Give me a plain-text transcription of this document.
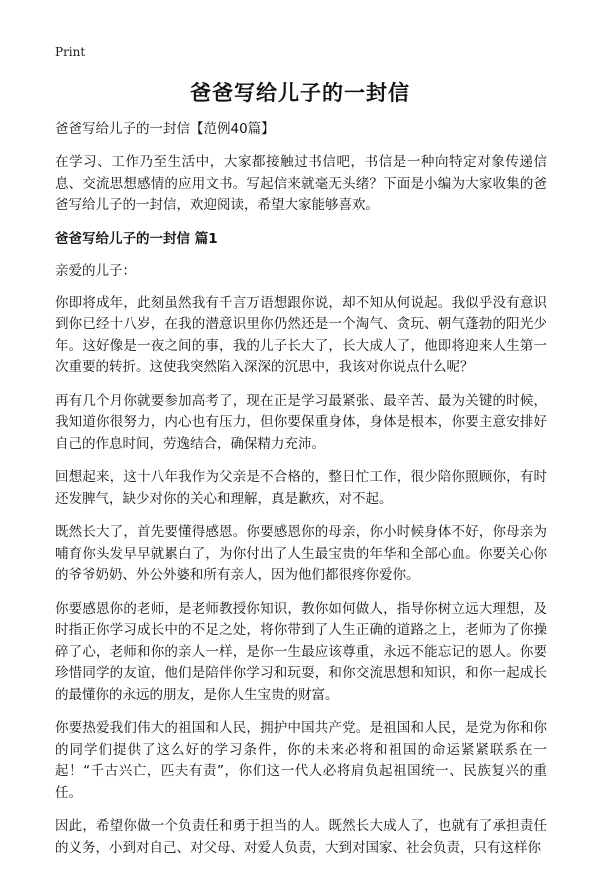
Print
爸爸写给儿子的一封信

爸爸写给儿子的一封信【范例40篇】

在学习、工作乃至生活中，大家都接触过书信吧，书信是一种向特定对象传递信息、交流思想感情的应用文书。写起信来就毫无头绪？下面是小编为大家收集的爸爸写给儿子的一封信，欢迎阅读，希望大家能够喜欢。

爸爸写给儿子的一封信 篇1

亲爱的儿子：

你即将成年，此刻虽然我有千言万语想跟你说，却不知从何说起。我似乎没有意识到你已经十八岁，在我的潜意识里你仍然还是一个淘气、贪玩、朝气蓬勃的阳光少年。这好像是一夜之间的事，我的儿子长大了，长大成人了，他即将迎来人生第一次重要的转折。这使我突然陷入深深的沉思中，我该对你说点什么呢？

再有几个月你就要参加高考了，现在正是学习最紧张、最辛苦、最为关键的时候，我知道你很努力，内心也有压力，但你要保重身体，身体是根本，你要主意安排好自己的作息时间，劳逸结合，确保精力充沛。

回想起来，这十八年我作为父亲是不合格的，整日忙工作，很少陪你照顾你，有时还发脾气，缺少对你的关心和理解，真是歉疚，对不起。

既然长大了，首先要懂得感恩。你要感恩你的母亲，你小时候身体不好，你母亲为哺育你头发早早就累白了，为你付出了人生最宝贵的年华和全部心血。你要关心你的爷爷奶奶、外公外婆和所有亲人，因为他们都很疼你爱你。

你要感恩你的老师，是老师教授你知识，教你如何做人，指导你树立远大理想，及时指正你学习成长中的不足之处，将你带到了人生正确的道路之上，老师为了你操碎了心，老师和你的亲人一样，是你一生最应该尊重，永远不能忘记的恩人。你要珍惜同学的友谊，他们是陪伴你学习和玩耍，和你交流思想和知识，和你一起成长的最懂你的永远的朋友，是你人生宝贵的财富。

你要热爱我们伟大的祖国和人民，拥护中国共产党。是祖国和人民，是党为你和你的同学们提供了这么好的学习条件，你的未来必将和祖国的命运紧紧联系在一起！“千古兴亡，匹夫有责”，你们这一代人必将肩负起祖国统一、民族复兴的重任。

因此，希望你做一个负责任和勇于担当的人。既然长大成人了，也就有了承担责任的义务，小到对自己、对父母、对爱人负责，大到对国家、社会负责，只有这样你
